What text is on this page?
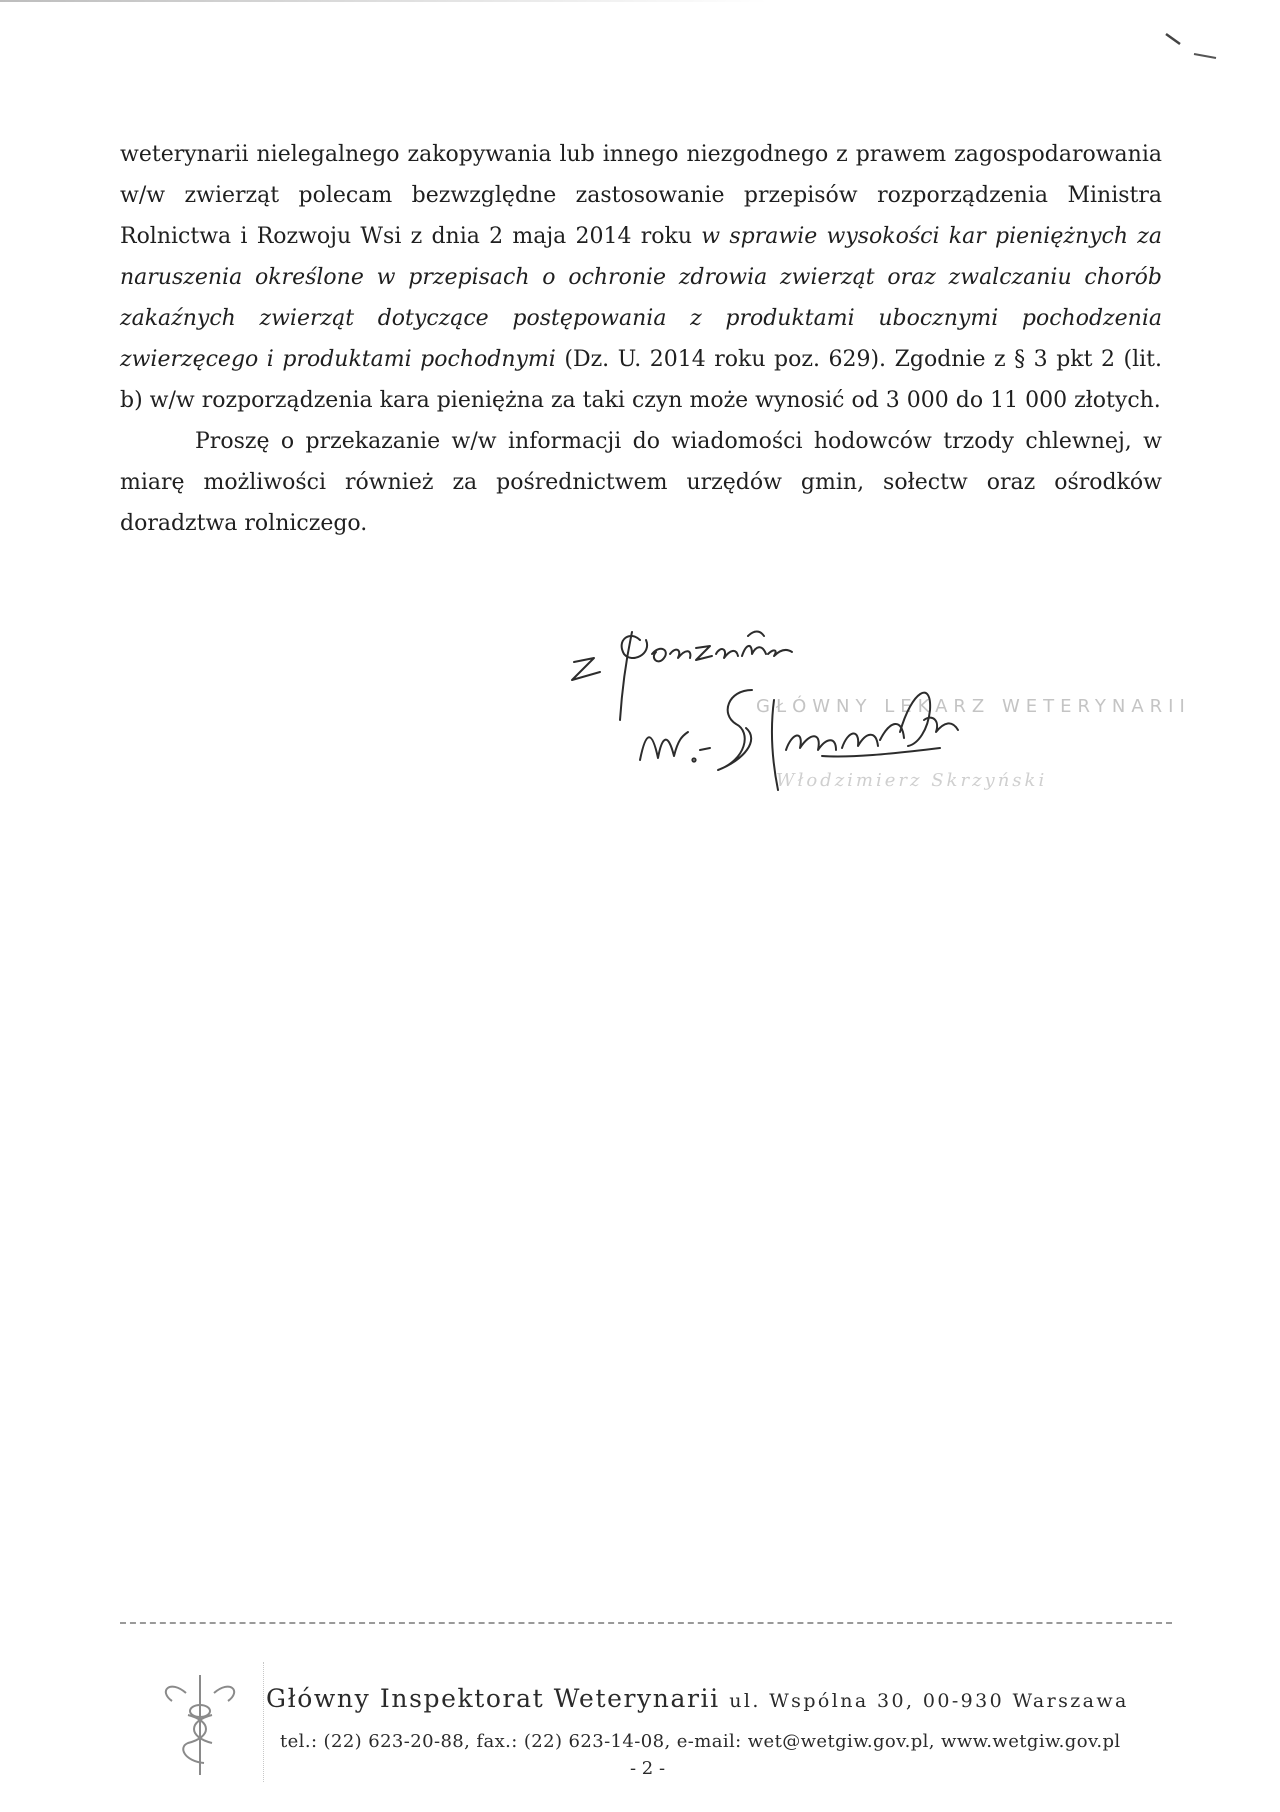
weterynarii nielegalnego zakopywania lub innego niezgodnego z prawem zagospodarowania w/w zwierząt polecam bezwzględne zastosowanie przepisów rozporządzenia Ministra Rolnictwa i Rozwoju Wsi z dnia 2 maja 2014 roku w sprawie wysokości kar pieniężnych za naruszenia określone w przepisach o ochronie zdrowia zwierząt oraz zwalczaniu chorób zakaźnych zwierząt dotyczące postępowania z produktami ubocznymi pochodzenia zwierzęcego i produktami pochodnymi (Dz. U. 2014 roku poz. 629). Zgodnie z § 3 pkt 2 (lit. b) w/w rozporządzenia kara pieniężna za taki czyn może wynosić od 3 000 do 11 000 złotych.

Proszę o przekazanie w/w informacji do wiadomości hodowców trzody chlewnej, w miarę możliwości również za pośrednictwem urzędów gmin, sołectw oraz ośrodków doradztwa rolniczego.

GŁÓWNY LEKARZ WETERYNARII
Włodzimierz Skrzyński
Główny Inspektorat Weterynarii ul. Wspólna 30, 00-930 Warszawa
tel.: (22) 623-20-88, fax.: (22) 623-14-08, e-mail: wet@wetgiw.gov.pl, www.wetgiw.gov.pl
- 2 -
